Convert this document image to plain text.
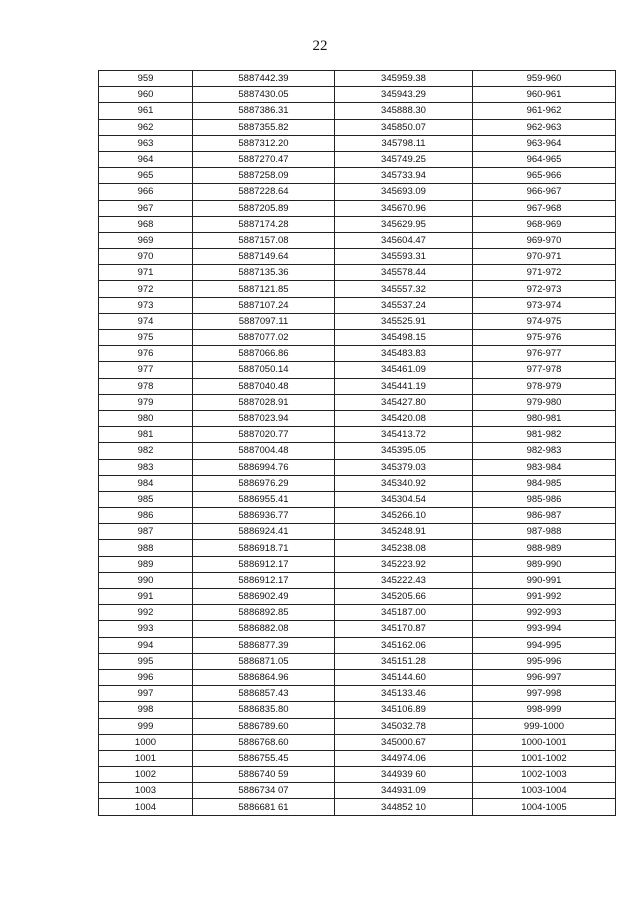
22
959	5887442.39	345959.38	959-960
960	5887430.05	345943.29	960-961
961	5887386.31	345888.30	961-962
962	5887355.82	345850.07	962-963
963	5887312.20	345798.11	963-964
964	5887270.47	345749.25	964-965
965	5887258.09	345733.94	965-966
966	5887228.64	345693.09	966-967
967	5887205.89	345670.96	967-968
968	5887174.28	345629.95	968-969
969	5887157.08	345604.47	969-970
970	5887149.64	345593.31	970-971
971	5887135.36	345578.44	971-972
972	5887121.85	345557.32	972-973
973	5887107.24	345537.24	973-974
974	5887097.11	345525.91	974-975
975	5887077.02	345498.15	975-976
976	5887066.86	345483.83	976-977
977	5887050.14	345461.09	977-978
978	5887040.48	345441.19	978-979
979	5887028.91	345427.80	979-980
980	5887023.94	345420.08	980-981
981	5887020.77	345413.72	981-982
982	5887004.48	345395.05	982-983
983	5886994.76	345379.03	983-984
984	5886976.29	345340.92	984-985
985	5886955.41	345304.54	985-986
986	5886936.77	345266.10	986-987
987	5886924.41	345248.91	987-988
988	5886918.71	345238.08	988-989
989	5886912.17	345223.92	989-990
990	5886912.17	345222.43	990-991
991	5886902.49	345205.66	991-992
992	5886892.85	345187.00	992-993
993	5886882.08	345170.87	993-994
994	5886877.39	345162.06	994-995
995	5886871.05	345151.28	995-996
996	5886864.96	345144.60	996-997
997	5886857.43	345133.46	997-998
998	5886835.80	345106.89	998-999
999	5886789.60	345032.78	999-1000
1000	5886768.60	345000.67	1000-1001
1001	5886755.45	344974.06	1001-1002
1002	5886740 59	344939 60	1002-1003
1003	5886734 07	344931.09	1003-1004
1004	5886681 61	344852 10	1004-1005
